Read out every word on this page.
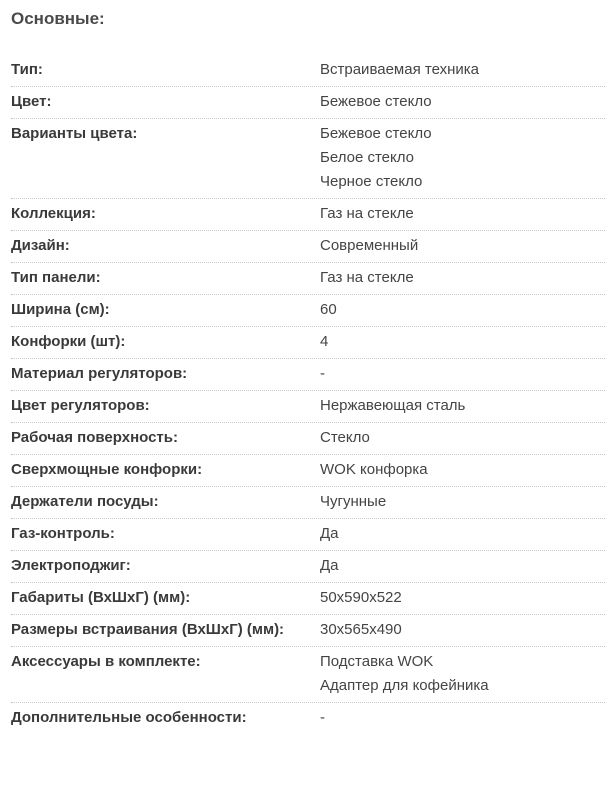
Основные:
Тип:	Встраиваемая техника
Цвет:	Бежевое стекло
Варианты цвета:	Бежевое стекло
Белое стекло
Черное стекло
Коллекция:	Газ на стекле
Дизайн:	Современный
Тип панели:	Газ на стекле
Ширина (см):	60
Конфорки (шт):	4
Материал регуляторов:	-
Цвет регуляторов:	Нержавеющая сталь
Рабочая поверхность:	Стекло
Сверхмощные конфорки:	WOK конфорка
Держатели посуды:	Чугунные
Газ-контроль:	Да
Электроподжиг:	Да
Габариты (ВхШхГ) (мм):	50x590x522
Размеры встраивания (ВхШхГ) (мм):	30x565x490
Аксессуары в комплекте:	Подставка WOK
Адаптер для кофейника
Дополнительные особенности:	-
